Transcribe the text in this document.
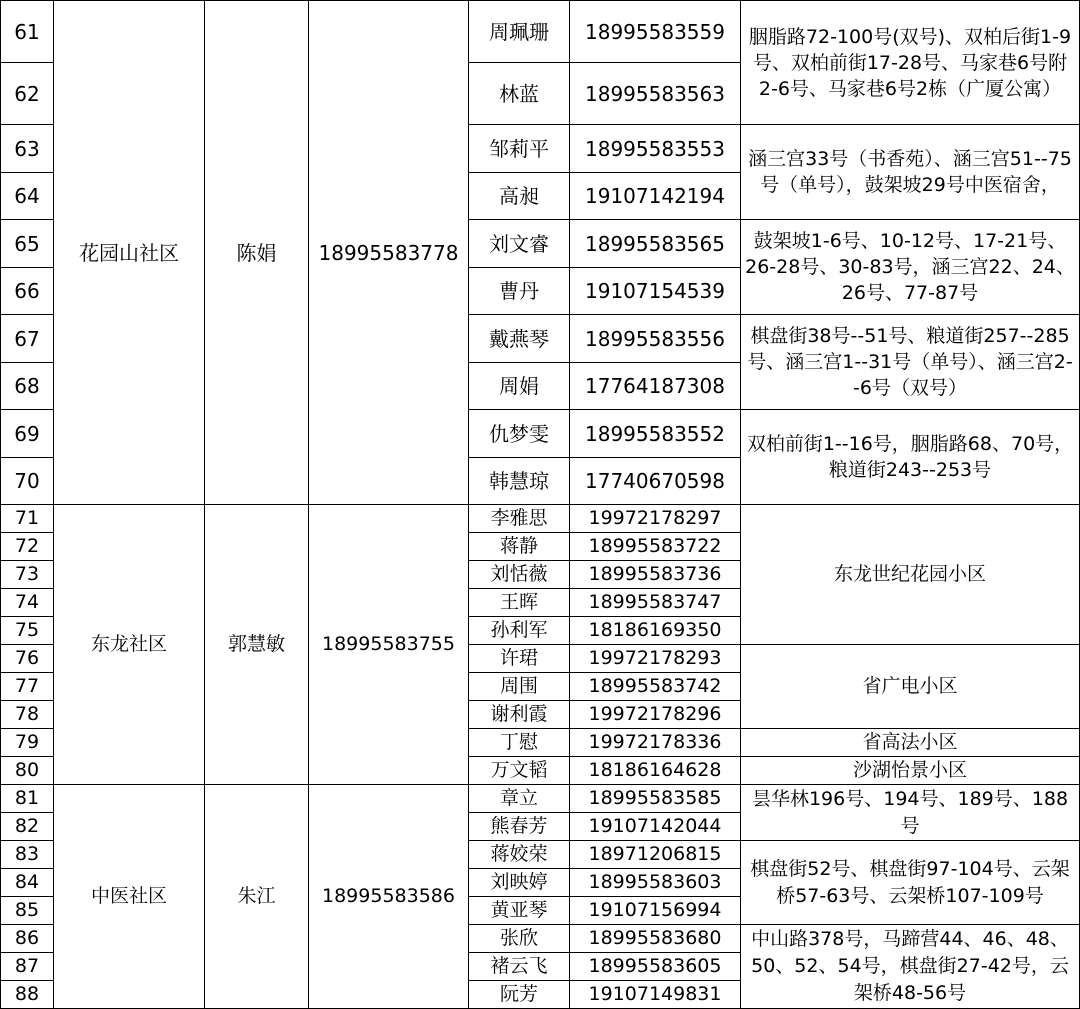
61	花园山社区	陈娟	18995583778	周珮珊	18995583559	胭脂路72-100号(双号)、双柏后街1-9号、双柏前街17-28号、马家巷6号附2-6号、马家巷6号2栋（广厦公寓）
62				林蓝	18995583563	
63				邹莉平	18995583553	涵三宫33号（书香苑）、涵三宫51--75号（单号），鼓架坡29号中医宿舍，
64				高昶	19107142194	
65				刘文睿	18995583565	鼓架坡1-6号、10-12号、17-21号、26-28号、30-83号，涵三宫22、24、26号、77-87号
66				曹丹	19107154539	
67				戴燕琴	18995583556	棋盘街38号--51号、粮道街257--285号、涵三宫1--31号（单号）、涵三宫2--6号（双号）
68				周娟	17764187308	
69				仇梦雯	18995583552	双柏前街1--16号，胭脂路68、70号，粮道街243--253号
70				韩慧琼	17740670598	
71	东龙社区	郭慧敏	18995583755	李雅思	19972178297	东龙世纪花园小区
72				蒋静	18995583722	
73				刘恬薇	18995583736	
74				王晖	18995583747	
75				孙利军	18186169350	
76				许珺	19972178293	省广电小区
77				周围	18995583742	
78				谢利霞	19972178296	
79				丁慰	19972178336	省高法小区
80				万文韬	18186164628	沙湖怡景小区
81	中医社区	朱江	18995583586	章立	18995583585	昙华林196号、194号、189号、188号
82				熊春芳	19107142044	
83				蒋姣荣	18971206815	棋盘街52号、棋盘街97-104号、云架桥57-63号、云架桥107-109号
84				刘映婷	18995583603	
85				黄亚琴	19107156994	
86				张欣	18995583680	中山路378号，马蹄营44、46、48、50、52、54号，棋盘街27-42号，云架桥48-56号
87				褚云飞	18995583605	
88				阮芳	19107149831	
